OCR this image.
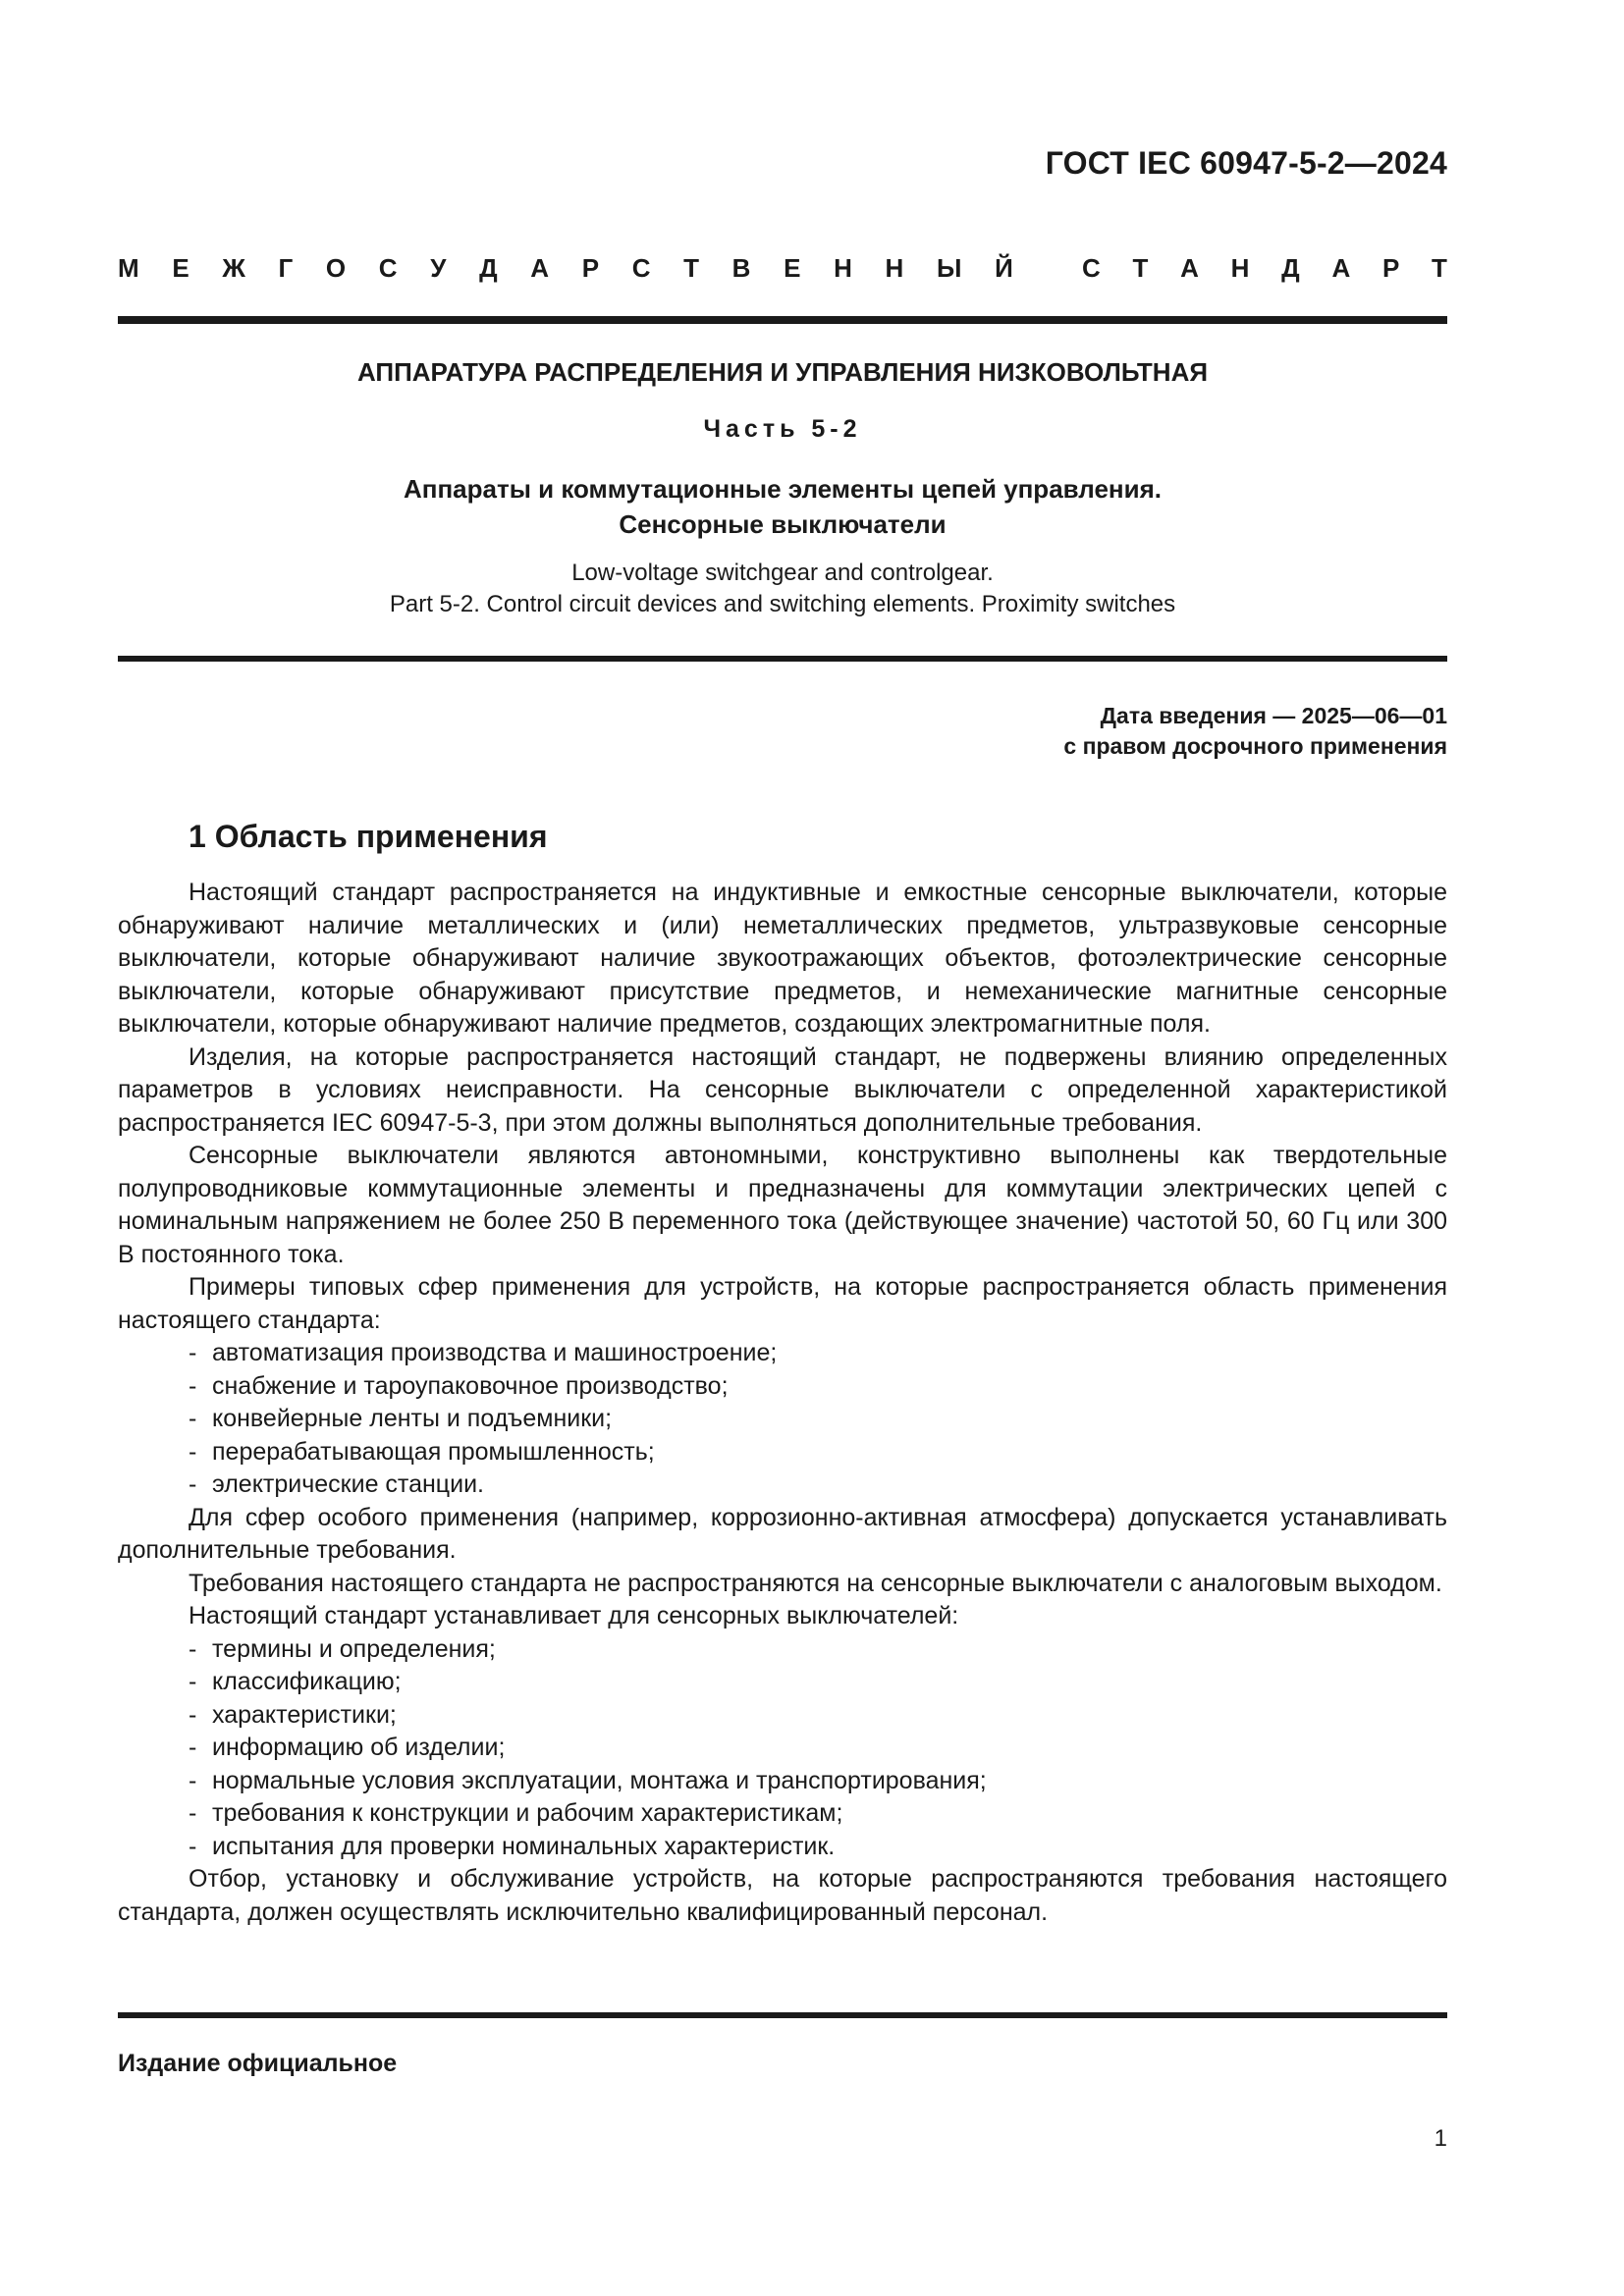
ГОСТ IEC 60947-5-2—2024
М Е Ж Г О С У Д А Р С Т В Е Н Н Ы Й	С Т А Н Д А Р Т
АППАРАТУРА РАСПРЕДЕЛЕНИЯ И УПРАВЛЕНИЯ НИЗКОВОЛЬТНАЯ
Часть 5-2
Аппараты и коммутационные элементы цепей управления.
Сенсорные выключатели
Low-voltage switchgear and controlgear.
Part 5-2. Control circuit devices and switching elements. Proximity switches
Дата введения — 2025—06—01
с правом досрочного применения
1 Область применения

Настоящий стандарт распространяется на индуктивные и емкостные сенсорные выключатели, которые обнаруживают наличие металлических и (или) неметаллических предметов, ультразвуковые сенсорные выключатели, которые обнаруживают наличие звукоотражающих объектов, фотоэлектрические сенсорные выключатели, которые обнаруживают присутствие предметов, и немеханические магнитные сенсорные выключатели, которые обнаруживают наличие предметов, создающих электромагнитные поля.

Изделия, на которые распространяется настоящий стандарт, не подвержены влиянию определенных параметров в условиях неисправности. На сенсорные выключатели с определенной характеристикой распространяется IEC 60947-5-3, при этом должны выполняться дополнительные требования.

Сенсорные выключатели являются автономными, конструктивно выполнены как твердотельные полупроводниковые коммутационные элементы и предназначены для коммутации электрических цепей с номинальным напряжением не более 250 В переменного тока (действующее значение) частотой 50, 60 Гц или 300 В постоянного тока.

Примеры типовых сфер применения для устройств, на которые распространяется область применения настоящего стандарта:

- автоматизация производства и машиностроение;
- снабжение и тароупаковочное производство;
- конвейерные ленты и подъемники;
- перерабатывающая промышленность;
- электрические станции.

Для сфер особого применения (например, коррозионно-активная атмосфера) допускается устанавливать дополнительные требования.

Требования настоящего стандарта не распространяются на сенсорные выключатели с аналоговым выходом.

Настоящий стандарт устанавливает для сенсорных выключателей:

- термины и определения;
- классификацию;
- характеристики;
- информацию об изделии;
- нормальные условия эксплуатации, монтажа и транспортирования;
- требования к конструкции и рабочим характеристикам;
- испытания для проверки номинальных характеристик.

Отбор, установку и обслуживание устройств, на которые распространяются требования настоящего стандарта, должен осуществлять исключительно квалифицированный персонал.

Издание официальное
1
